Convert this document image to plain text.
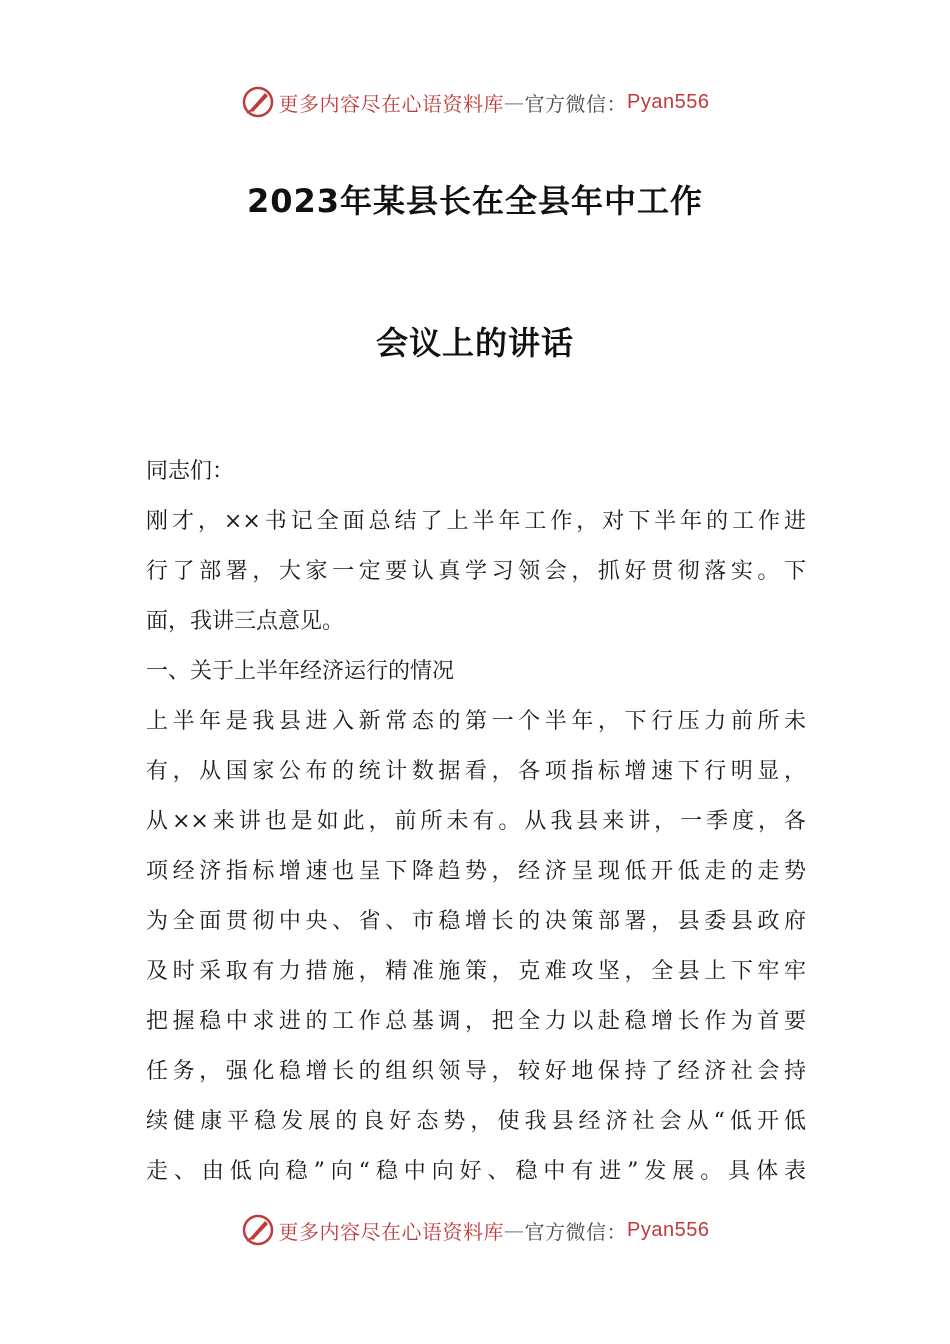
更多内容尽在心语资料库 — 官方微信： Pyan556
2023年某县长在全县年中工作
会议上的讲话
同志们：
刚才，××书记全面总结了上半年工作，对下半年的工作进
行了部署，大家一定要认真学习领会，抓好贯彻落实。下
面，我讲三点意见。
一、关于上半年经济运行的情况
上半年是我县进入新常态的第一个半年，下行压力前所未
有，从国家公布的统计数据看，各项指标增速下行明显，
从××来讲也是如此，前所未有。从我县来讲，一季度，各
项经济指标增速也呈下降趋势，经济呈现低开低走的走势
为全面贯彻中央、省、市稳增长的决策部署，县委县政府
及时采取有力措施，精准施策，克难攻坚，全县上下牢牢
把握稳中求进的工作总基调，把全力以赴稳增长作为首要
任务，强化稳增长的组织领导，较好地保持了经济社会持
续健康平稳发展的良好态势，使我县经济社会从“低开低
走、由低向稳”向“稳中向好、稳中有进”发展。具体表
更多内容尽在心语资料库 — 官方微信： Pyan556
